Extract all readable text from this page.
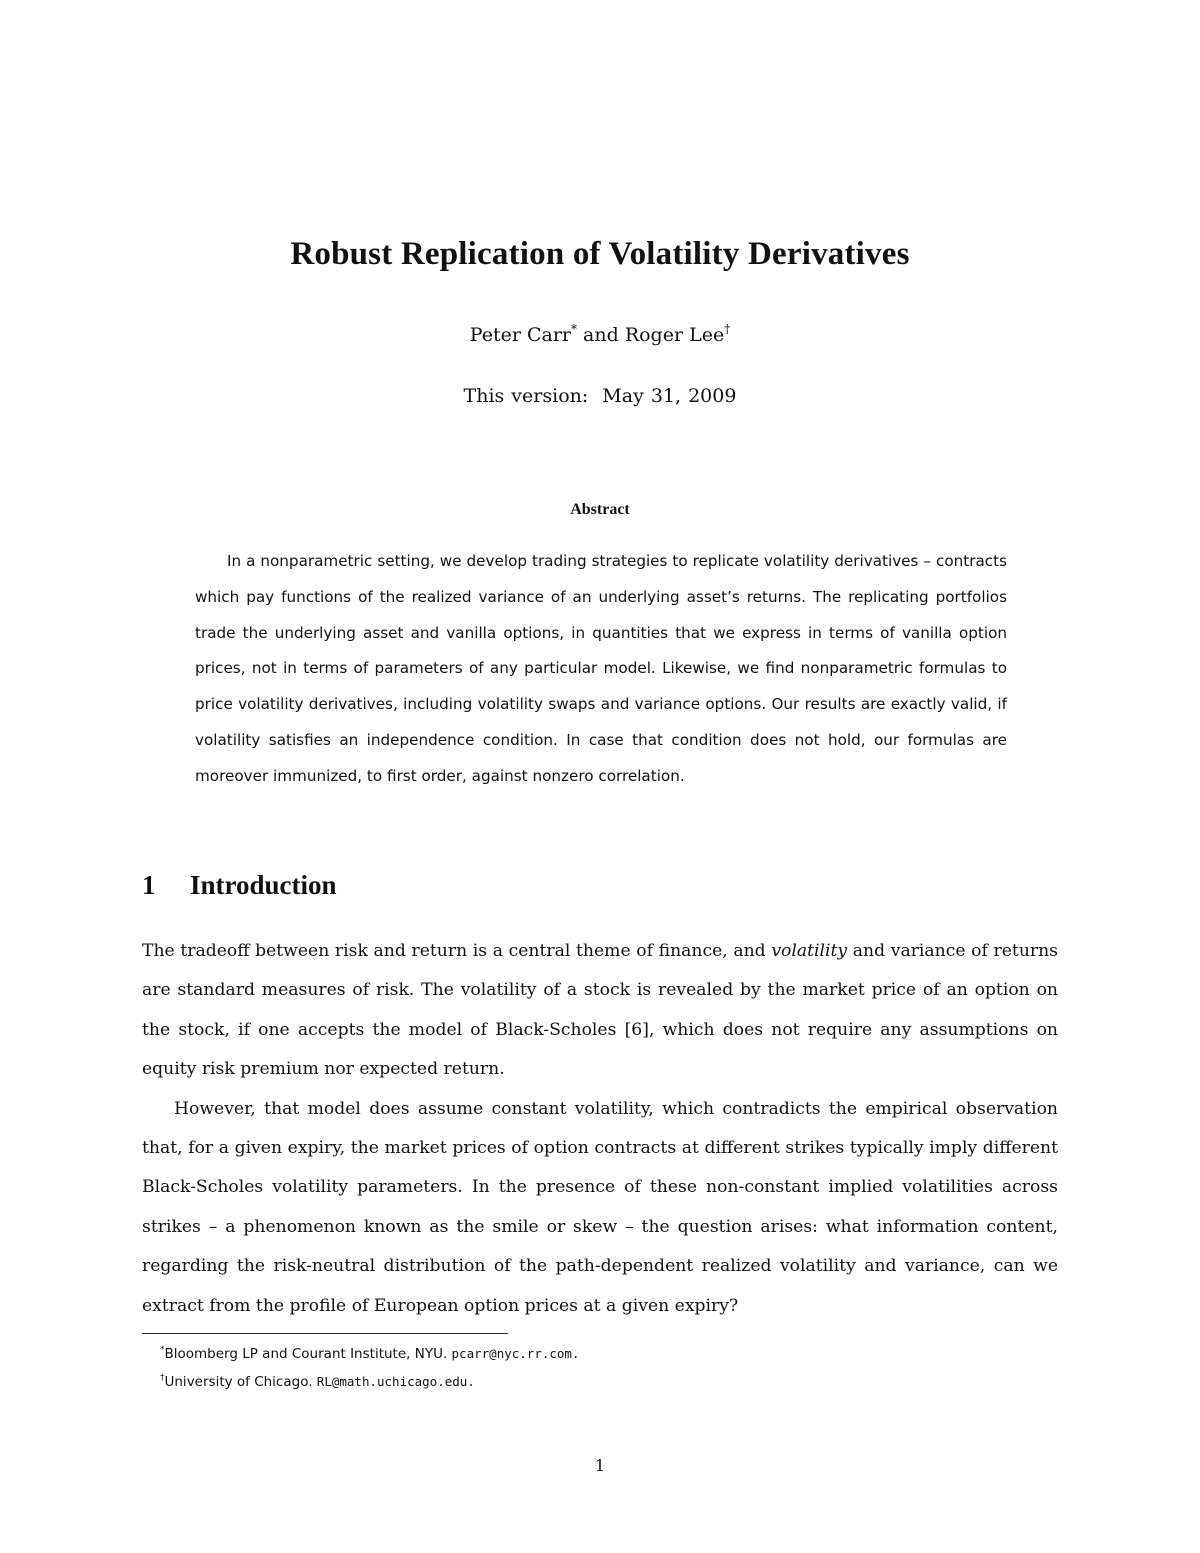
Robust Replication of Volatility Derivatives
Peter Carr* and Roger Lee†
This version: May 31, 2009
Abstract

In a nonparametric setting, we develop trading strategies to replicate volatility derivatives – contracts which pay functions of the realized variance of an underlying asset’s returns. The replicating portfolios trade the underlying asset and vanilla options, in quantities that we express in terms of vanilla option prices, not in terms of parameters of any particular model. Likewise, we find nonparametric formulas to price volatility derivatives, including volatility swaps and variance options. Our results are exactly valid, if volatility satisfies an independence condition. In case that condition does not hold, our formulas are moreover immunized, to first order, against nonzero correlation.

1 Introduction

The tradeoff between risk and return is a central theme of finance, and volatility and variance of returns are standard measures of risk. The volatility of a stock is revealed by the market price of an option on the stock, if one accepts the model of Black-Scholes [6], which does not require any assumptions on equity risk premium nor expected return.

However, that model does assume constant volatility, which contradicts the empirical observation that, for a given expiry, the market prices of option contracts at different strikes typically imply different Black-Scholes volatility parameters. In the presence of these non-constant implied volatilities across strikes – a phenomenon known as the smile or skew – the question arises: what information content, regarding the risk-neutral distribution of the path-dependent realized volatility and variance, can we extract from the profile of European option prices at a given expiry?

*Bloomberg LP and Courant Institute, NYU. pcarr@nyc.rr.com.
†University of Chicago. RL@math.uchicago.edu.
1
